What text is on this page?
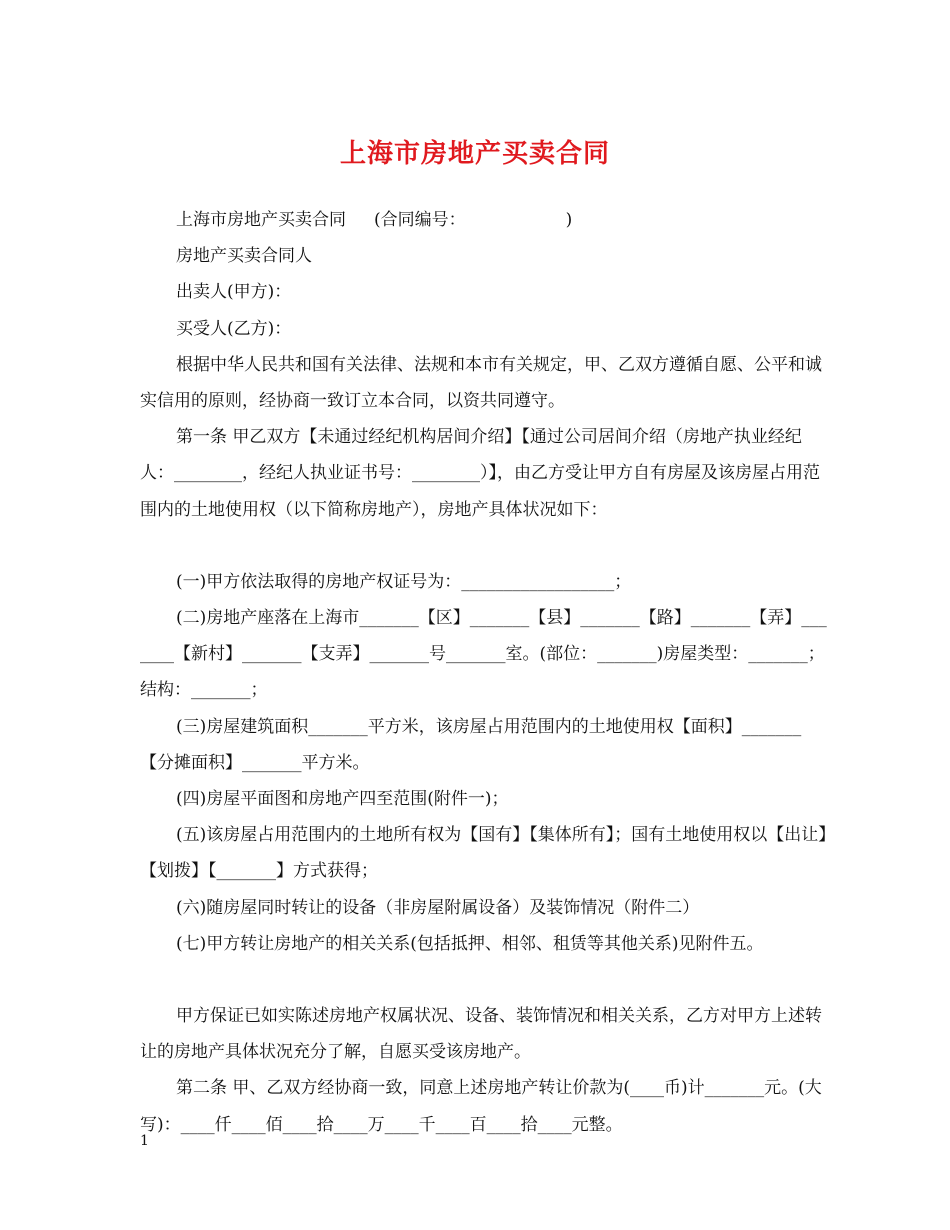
上海市房地产买卖合同

上海市房地产买卖合同 (合同编号：	)

房地产买卖合同人

出卖人(甲方)：

买受人(乙方)：

根据中华人民共和国有关法律、法规和本市有关规定，甲、乙双方遵循自愿、公平和诚实信用的原则，经协商一致订立本合同，以资共同遵守。

第一条 甲乙双方【未通过经纪机构居间介绍】【通过公司居间介绍（房地产执业经纪人：________，经纪人执业证书号：________）】，由乙方受让甲方自有房屋及该房屋占用范围内的土地使用权（以下简称房地产），房地产具体状况如下：

(一)甲方依法取得的房地产权证号为：__________________；

(二)房地产座落在上海市_______【区】_______【县】_______【路】_______【弄】_______【新村】_______【支弄】_______号_______室。(部位：_______)房屋类型：_______；结构：_______；

(三)房屋建筑面积_______平方米，该房屋占用范围内的土地使用权【面积】_______【分摊面积】_______平方米。

(四)房屋平面图和房地产四至范围(附件一)；

(五)该房屋占用范围内的土地所有权为【国有】【集体所有】；国有土地使用权以【出让】【划拨】【_______】方式获得；

(六)随房屋同时转让的设备（非房屋附属设备）及装饰情况（附件二）

(七)甲方转让房地产的相关关系(包括抵押、相邻、租赁等其他关系)见附件五。

甲方保证已如实陈述房地产权属状况、设备、装饰情况和相关关系，乙方对甲方上述转让的房地产具体状况充分了解，自愿买受该房地产。

第二条 甲、乙双方经协商一致，同意上述房地产转让价款为(____币)计_______元。(大写)：____仟____佰____拾____万____千____百____拾____元整。

1
